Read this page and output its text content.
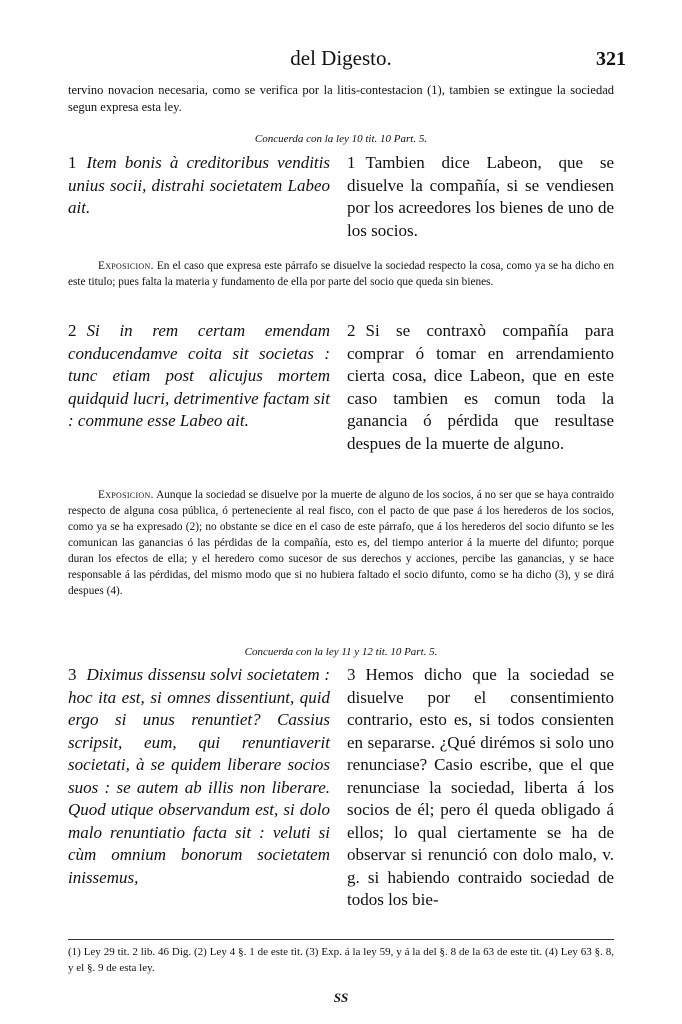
del Digesto.	321

tervino novacion necesaria, como se verifica por la litis-contestacion (1), tambien se extingue la sociedad segun expresa esta ley.

Concuerda con la ley 10 tit. 10 Part. 5.

1 Item bonis à creditoribus venditis unius socii, distrahi societatem Labeo ait.

1 Tambien dice Labeon, que se disuelve la compañía, si se vendiesen por los acreedores los bienes de uno de los socios.

Exposicion. En el caso que expresa este párrafo se disuelve la sociedad respecto la cosa, como ya se ha dicho en este titulo; pues falta la materia y fundamento de ella por parte del socio que queda sin bienes.

2 Si in rem certam emendam conducendamve coita sit societas : tunc etiam post alicujus mortem quidquid lucri, detrimentive factam sit : commune esse Labeo ait.

2 Si se contraxò compañía para comprar ó tomar en arrendamiento cierta cosa, dice Labeon, que en este caso tambien es comun toda la ganancia ó pérdida que resultase despues de la muerte de alguno.

Exposicion. Aunque la sociedad se disuelve por la muerte de alguno de los socios, á no ser que se haya contraido respecto de alguna cosa pública, ó perteneciente al real fisco, con el pacto de que pase á los herederos de los socios, como ya se ha expresado (2); no obstante se dice en el caso de este párrafo, que á los herederos del socio difunto se les comunican las ganancias ó las pérdidas de la compañía, esto es, del tiempo anterior á la muerte del difunto; porque duran los efectos de ella; y el heredero como sucesor de sus derechos y acciones, percibe las ganancias, y se hace responsable á las pérdidas, del mismo modo que si no hubiera faltado el socio difunto, como se ha dicho (3), y se dirá despues (4).

Concuerda con la ley 11 y 12 tit. 10 Part. 5.

3 Diximus dissensu solvi societatem : hoc ita est, si omnes dissentiunt, quid ergo si unus renuntiet? Cassius scripsit, eum, qui renuntiaverit societati, à se quidem liberare socios suos : se autem ab illis non liberare. Quod utique observandum est, si dolo malo renuntiatio facta sit : veluti si cùm omnium bonorum societatem inissemus,

3 Hemos dicho que la sociedad se disuelve por el consentimiento contrario, esto es, si todos consienten en separarse. ¿Qué dirémos si solo uno renunciase? Casio escribe, que el que renunciase la sociedad, liberta á los socios de él; pero él queda obligado á ellos; lo qual ciertamente se ha de observar si renunció con dolo malo, v. g. si habiendo contraido sociedad de todos los bie-

(1) Ley 29 tit. 2 lib. 46 Dig. (2) Ley 4 §. 1 de este tit. (3) Exp. á la ley 59, y á la del §. 8 de la 63 de este tit. (4) Ley 63 §. 8, y el §. 9 de esta ley.

SS
